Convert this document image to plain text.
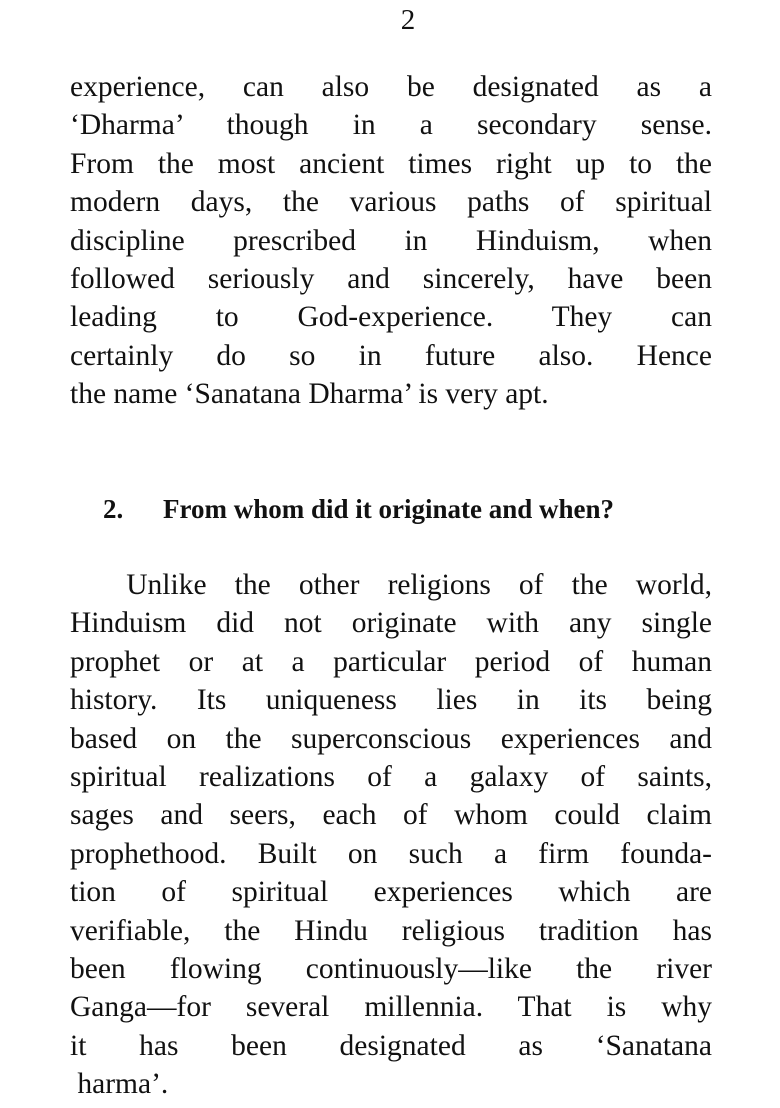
2
experience, can also be designated as a
‘Dharma’ though in a secondary sense.
From the most ancient times right up to the
modern days, the various paths of spiritual
discipline prescribed in Hinduism, when
followed seriously and sincerely, have been
leading to God-experience. They can
certainly do so in future also. Hence
the name ‘Sanatana Dharma’ is very apt.
2. From whom did it originate and when?
Unlike the other religions of the world,
Hinduism did not originate with any single
prophet or at a particular period of human
history. Its uniqueness lies in its being
based on the superconscious experiences and
spiritual realizations of a galaxy of saints,
sages and seers, each of whom could claim
prophethood. Built on such a firm founda-
tion of spiritual experiences which are
verifiable, the Hindu religious tradition has
been flowing continuously—like the river
Ganga—for several millennia. That is why
it has been designated as ‘Sanatana
harma’.
